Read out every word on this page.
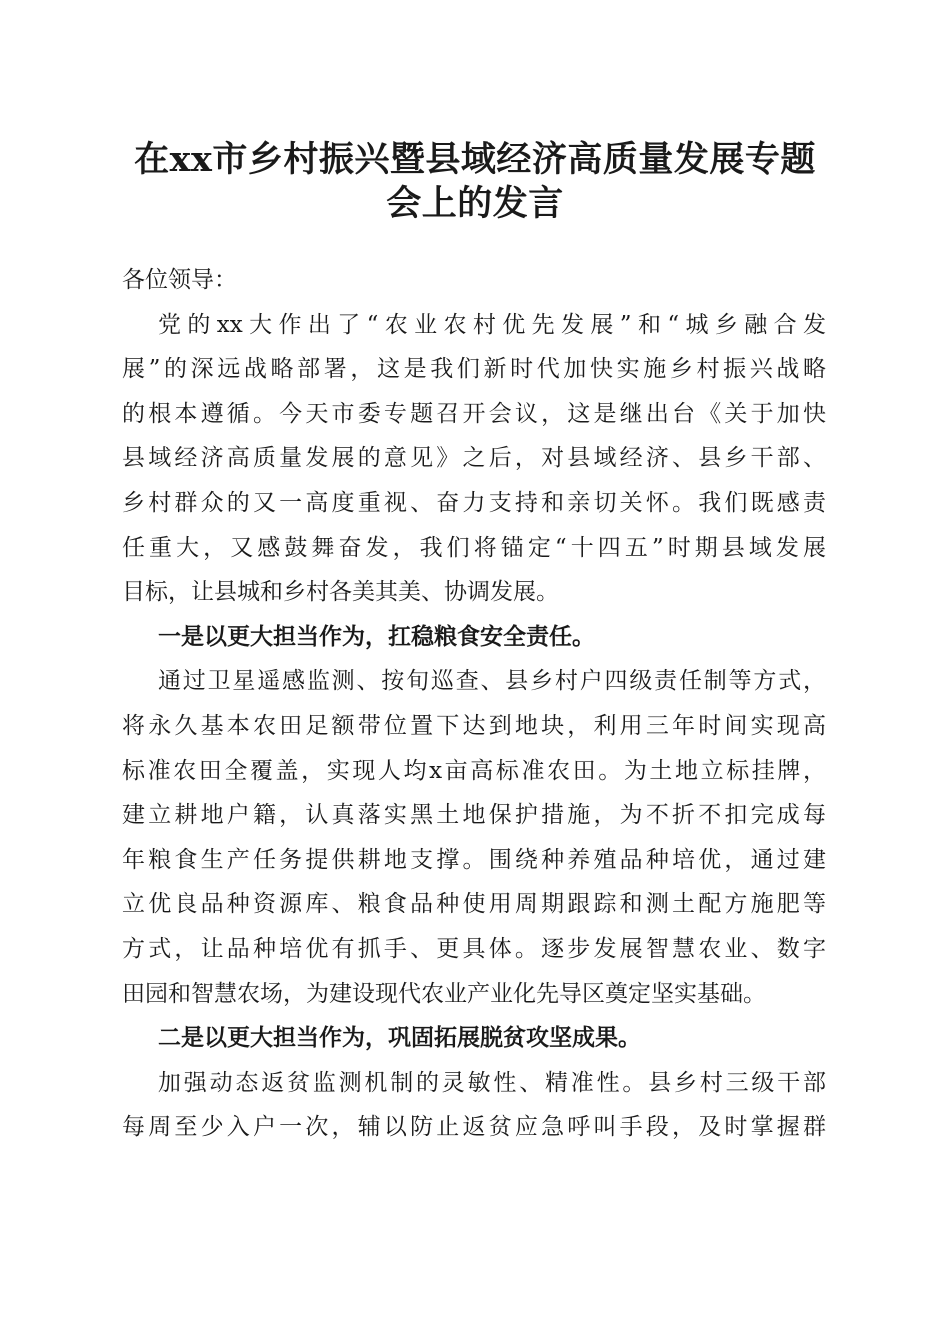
在xx市乡村振兴暨县域经济高质量发展专题
会上的发言
各位领导：
党的xx大作出了“农业农村优先发展”和“城乡融合发
展”的深远战略部署，这是我们新时代加快实施乡村振兴战略
的根本遵循。今天市委专题召开会议，这是继出台《关于加快
县域经济高质量发展的意见》之后，对县域经济、县乡干部、
乡村群众的又一高度重视、奋力支持和亲切关怀。我们既感责
任重大，又感鼓舞奋发，我们将锚定“十四五”时期县域发展
目标，让县城和乡村各美其美、协调发展。
一是以更大担当作为，扛稳粮食安全责任。
通过卫星遥感监测、按旬巡查、县乡村户四级责任制等方式，
将永久基本农田足额带位置下达到地块，利用三年时间实现高
标准农田全覆盖，实现人均x亩高标准农田。为土地立标挂牌，
建立耕地户籍，认真落实黑土地保护措施，为不折不扣完成每
年粮食生产任务提供耕地支撑。围绕种养殖品种培优，通过建
立优良品种资源库、粮食品种使用周期跟踪和测土配方施肥等
方式，让品种培优有抓手、更具体。逐步发展智慧农业、数字
田园和智慧农场，为建设现代农业产业化先导区奠定坚实基础。
二是以更大担当作为，巩固拓展脱贫攻坚成果。
加强动态返贫监测机制的灵敏性、精准性。县乡村三级干部
每周至少入户一次，辅以防止返贫应急呼叫手段，及时掌握群
